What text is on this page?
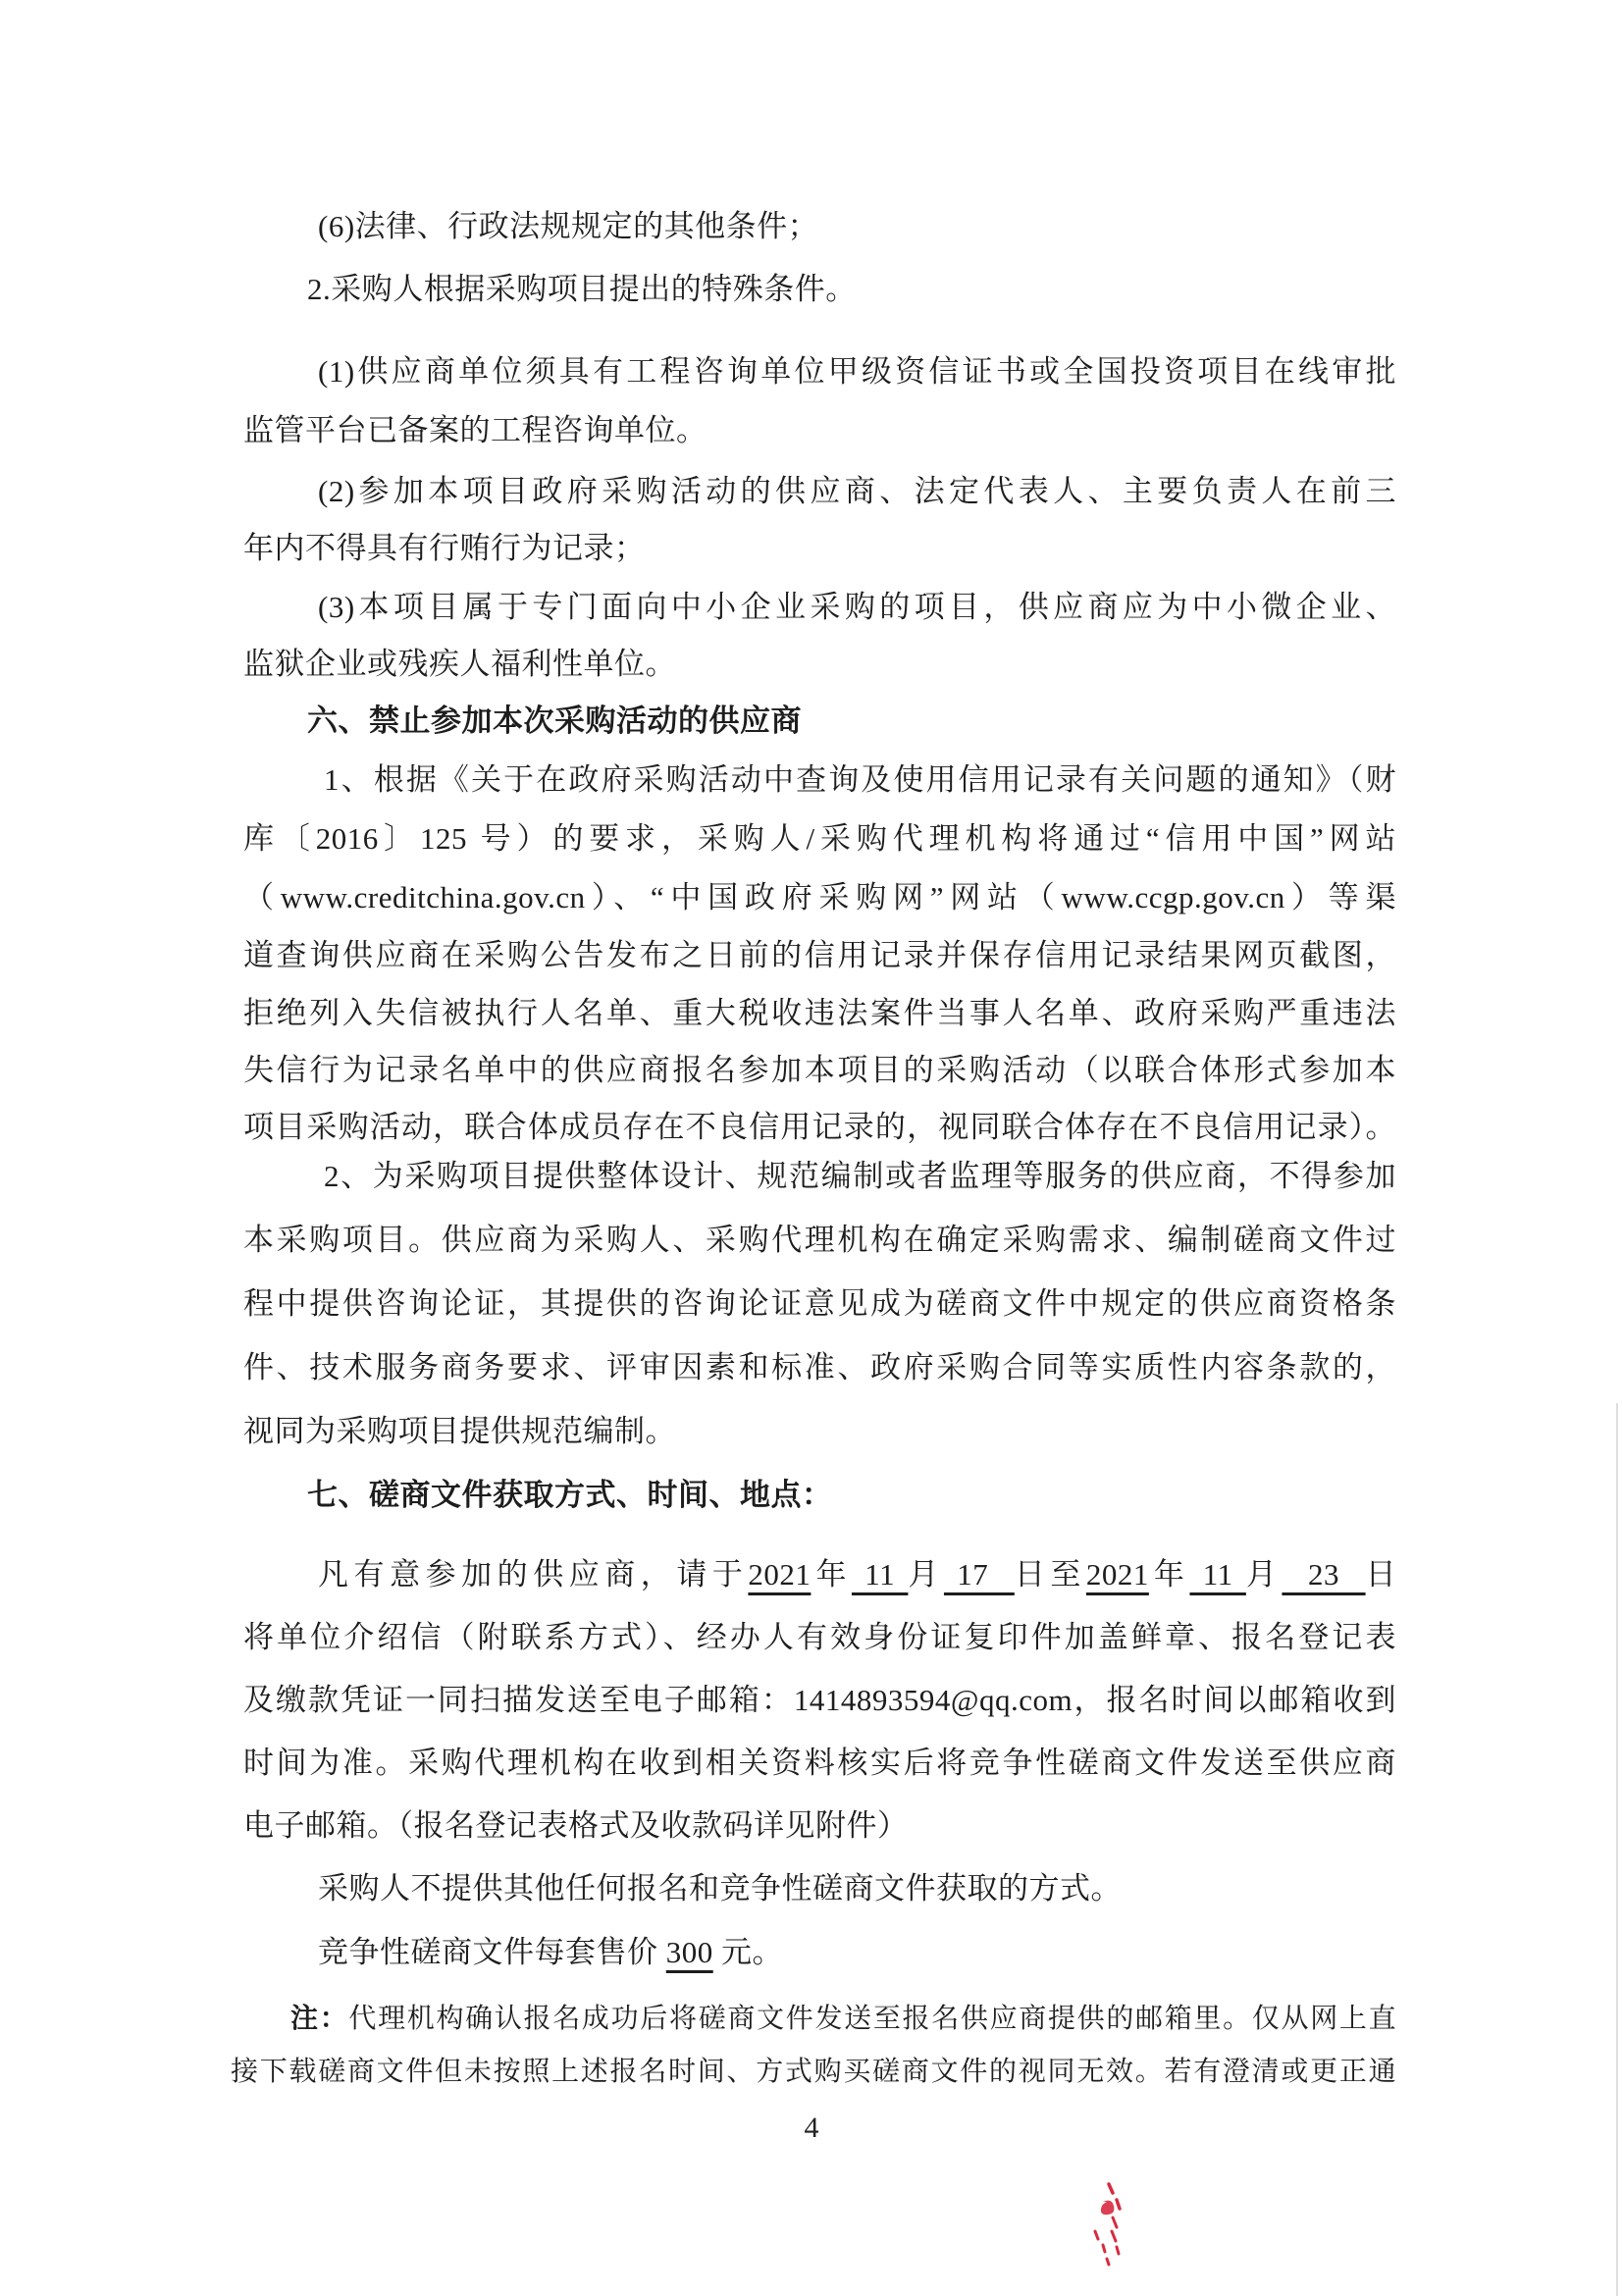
(6)法律、行政法规规定的其他条件；
2.采购人根据采购项目提出的特殊条件。
(1)供应商单位须具有工程咨询单位甲级资信证书或全国投资项目在线审批
监管平台已备案的工程咨询单位。
(2)参加本项目政府采购活动的供应商、法定代表人、主要负责人在前三
年内不得具有行贿行为记录；
(3)本项目属于专门面向中小企业采购的项目，供应商应为中小微企业、
监狱企业或残疾人福利性单位。
六、禁止参加本次采购活动的供应商
1、根据《关于在政府采购活动中查询及使用信用记录有关问题的通知》（财
库〔2016〕125 号）的要求，采购人/采购代理机构将通过“信用中国”网站
（www.creditchina.gov.cn）、“中国政府采购网”网站（www.ccgp.gov.cn）等渠
道查询供应商在采购公告发布之日前的信用记录并保存信用记录结果网页截图，
拒绝列入失信被执行人名单、重大税收违法案件当事人名单、政府采购严重违法
失信行为记录名单中的供应商报名参加本项目的采购活动（以联合体形式参加本
项目采购活动，联合体成员存在不良信用记录的，视同联合体存在不良信用记录）。
2、为采购项目提供整体设计、规范编制或者监理等服务的供应商，不得参加
本采购项目。供应商为采购人、采购代理机构在确定采购需求、编制磋商文件过
程中提供咨询论证，其提供的咨询论证意见成为磋商文件中规定的供应商资格条
件、技术服务商务要求、评审因素和标准、政府采购合同等实质性内容条款的，
视同为采购项目提供规范编制。
七、磋商文件获取方式、时间、地点：
凡有意参加的供应商，请于2021年 11 月 17  日至2021年 11 月  23  日
将单位介绍信（附联系方式）、经办人有效身份证复印件加盖鲜章、报名登记表
及缴款凭证一同扫描发送至电子邮箱：1414893594@qq.com，报名时间以邮箱收到
时间为准。采购代理机构在收到相关资料核实后将竞争性磋商文件发送至供应商
电子邮箱。（报名登记表格式及收款码详见附件）
采购人不提供其他任何报名和竞争性磋商文件获取的方式。
竞争性磋商文件每套售价 300 元。
注：代理机构确认报名成功后将磋商文件发送至报名供应商提供的邮箱里。仅从网上直
接下载磋商文件但未按照上述报名时间、方式购买磋商文件的视同无效。若有澄清或更正通
4
